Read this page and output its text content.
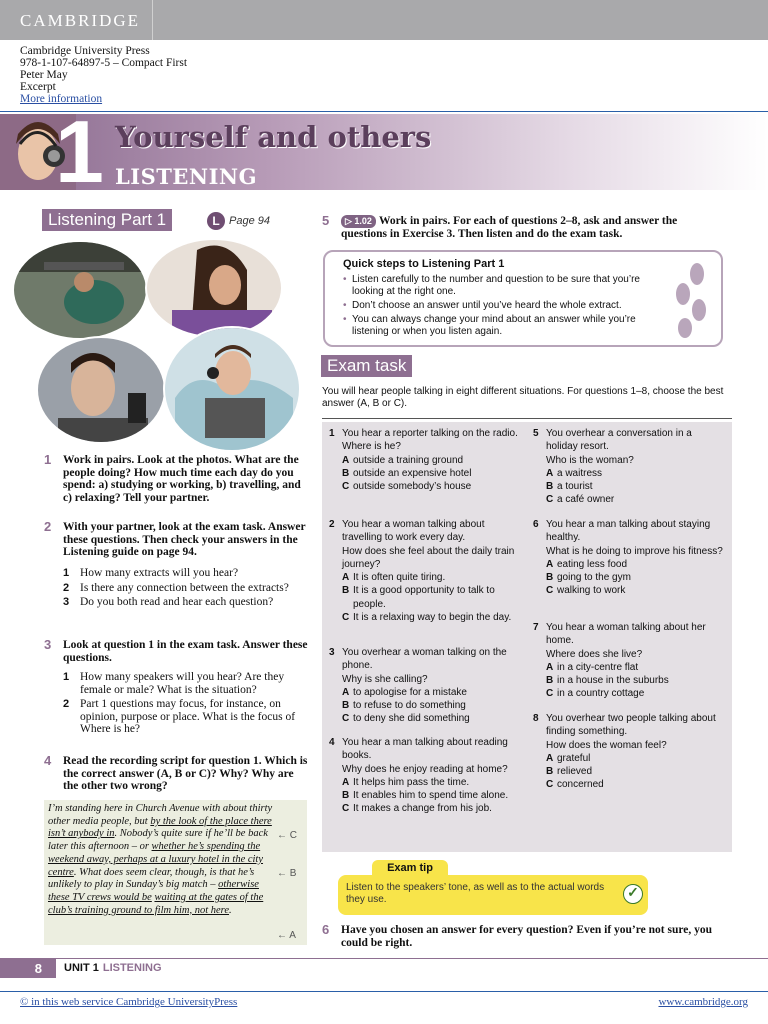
CAMBRIDGE
Cambridge University Press
978-1-107-64897-5 – Compact First
Peter May
Excerpt
More information
1 Yourself and others
LISTENING
Listening Part 1	L Page 94
1 Work in pairs. Look at the photos. What are the people doing? How much time each day do you spend: a) studying or working, b) travelling, and c) relaxing? Tell your partner.
2 With your partner, look at the exam task. Answer these questions. Then check your answers in the Listening guide on page 94.
1 How many extracts will you hear?
2 Is there any connection between the extracts?
3 Do you both read and hear each question?
3 Look at question 1 in the exam task. Answer these questions.
1 How many speakers will you hear? Are they female or male? What is the situation?
2 Part 1 questions may focus, for instance, on opinion, purpose or place. What is the focus of Where is he?
4 Read the recording script for question 1. Which is the correct answer (A, B or C)? Why? Why are the other two wrong?
I’m standing here in Church Avenue with about thirty other media people, but by the look of the place there isn’t anybody in. Nobody’s quite sure if he’ll be back later this afternoon – or whether he’s spending the weekend away, perhaps at a luxury hotel in the city centre. What does seem clear, though, is that he’s unlikely to play in Sunday’s big match – otherwise these TV crews would be waiting at the gates of the club’s training ground to film him, not here.
← C
← B
← A
5	▷ 1.02 Work in pairs. For each of questions 2–8, ask and answer the questions in Exercise 3. Then listen and do the exam task.
Quick steps to Listening Part 1
• Listen carefully to the number and question to be sure that you’re looking at the right one.
• Don’t choose an answer until you’ve heard the whole extract.
• You can always change your mind about an answer while you’re listening or when you listen again.
Exam task
You will hear people talking in eight different situations. For questions 1–8, choose the best answer (A, B or C).
1 You hear a reporter talking on the radio.
Where is he?
A outside a training ground
B outside an expensive hotel
C outside somebody’s house
2 You hear a woman talking about travelling to work every day.
How does she feel about the daily train journey?
A It is often quite tiring.
B It is a good opportunity to talk to people.
C It is a relaxing way to begin the day.
3 You overhear a woman talking on the phone.
Why is she calling?
A to apologise for a mistake
B to refuse to do something
C to deny she did something
4 You hear a man talking about reading books.
Why does he enjoy reading at home?
A It helps him pass the time.
B It enables him to spend time alone.
C It makes a change from his job.
5 You overhear a conversation in a holiday resort.
Who is the woman?
A a waitress
B a tourist
C a café owner
6 You hear a man talking about staying healthy.
What is he doing to improve his fitness?
A eating less food
B going to the gym
C walking to work
7 You hear a woman talking about her home.
Where does she live?
A in a city-centre flat
B in a house in the suburbs
C in a country cottage
8 You overhear two people talking about finding something.
How does the woman feel?
A grateful
B relieved
C concerned
Exam tip
Listen to the speakers’ tone, as well as to the actual words they use.	✓
6 Have you chosen an answer for every question? Even if you’re not sure, you could be right.
8	UNIT 1 LISTENING
© in this web service Cambridge UniversityPress	www.cambridge.org
